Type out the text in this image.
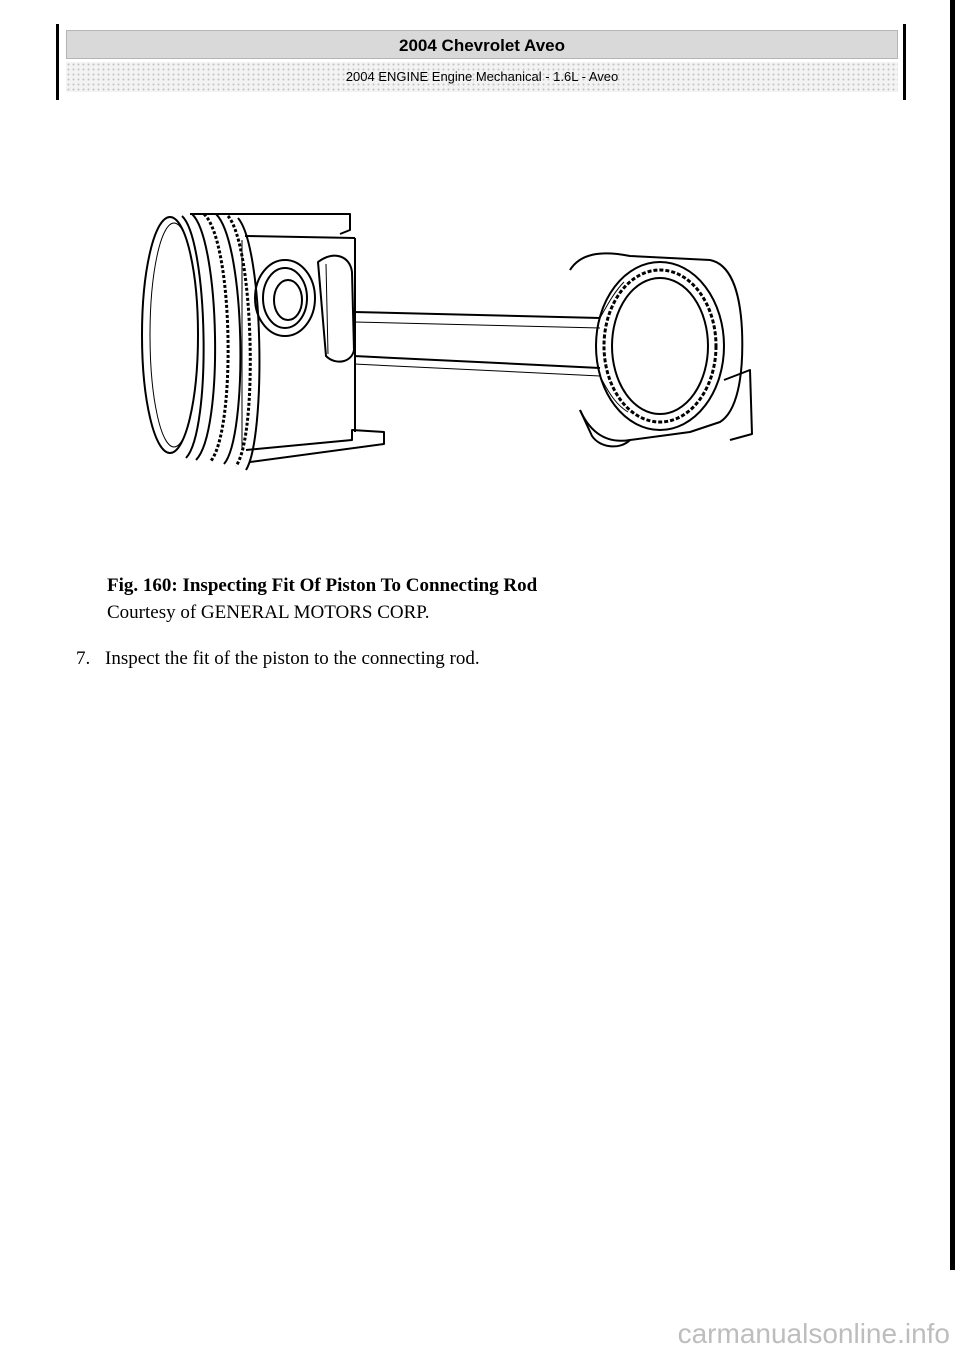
2004 Chevrolet Aveo
2004 ENGINE Engine Mechanical - 1.6L - Aveo
Fig. 160: Inspecting Fit Of Piston To Connecting Rod
Courtesy of GENERAL MOTORS CORP.
7. Inspect the fit of the piston to the connecting rod.
carmanualsonline.info
